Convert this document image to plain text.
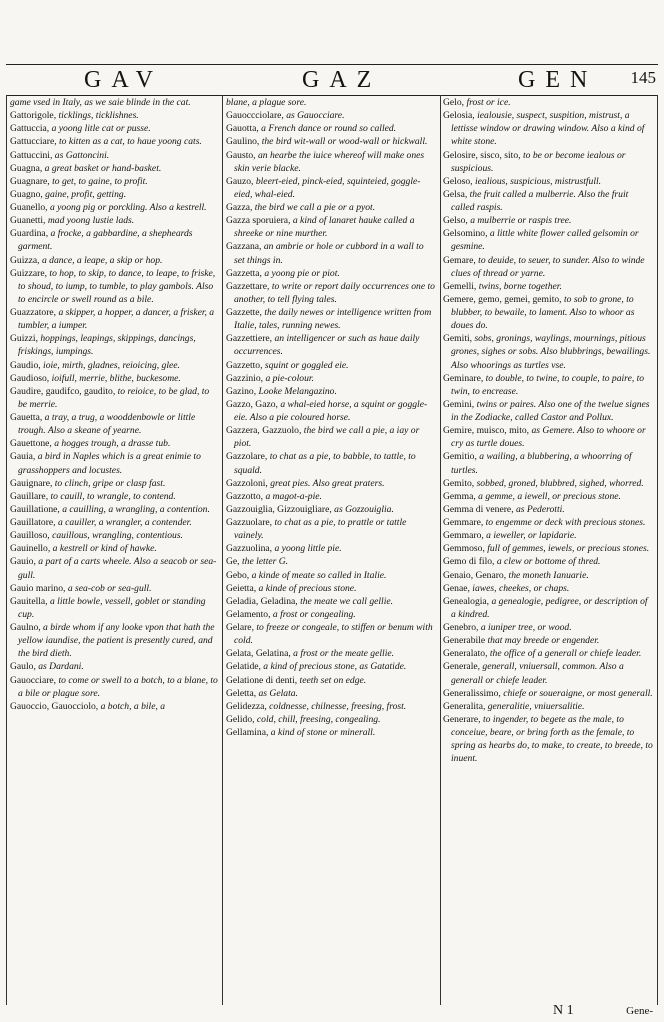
GAV	GAZ	GEN 145
game vsed in Italy, as we saie blinde in the cat.
Gattorigole, ticklings, ticklishnes.
Gattuccia, a yoong litle cat or pusse.
Gattucciare, to kitten as a cat, to haue yoong cats.
Gattuccini, as Gattoncini.
Guagna, a great basket or hand-basket.
Guagnare, to get, to gaine, to profit.
Guagno, gaine, profit, getting.
Guanello, a yoong pig or porckling. Also a kestrell.
Guanetti, mad yoong lustie lads.
Guardina, a frocke, a gabbardine, a shepheards garment.
Guizza, a dance, a leape, a skip or hop.
Guizzare, to hop, to skip, to dance, to leape, to friske, to shoud, to iump, to tumble, to play gambols. Also to encircle or swell round as a bile.
Guazzatore, a skipper, a hopper, a dancer, a frisker, a tumbler, a iumper.
Guizzi, hoppings, leapings, skippings, dancings, friskings, iumpings.
Gaudio, ioie, mirth, gladnes, reioicing, glee.
Gaudioso, ioifull, merrie, blithe, buckesome.
Gaudire, gaudifco, gaudito, to reioice, to be glad, to be merrie.
Gauetta, a tray, a trug, a wooddenbowle or little trough. Also a skeane of yearne.
Gauettone, a hogges trough, a drasse tub.
Gauia, a bird in Naples which is a great enimie to grasshoppers and locustes.
Gauignare, to clinch, gripe or clasp fast.
Gauillare, to cauill, to wrangle, to contend.
Gauillatione, a cauilling, a wrangling, a contention.
Gauillatore, a cauiller, a wrangler, a contender.
Gauilloso, cauillous, wrangling, contentious.
Gauinello, a kestrell or kind of hawke.
Gauio, a part of a carts wheele. Also a seacob or sea-gull.
Gauio marino, a sea-cob or sea-gull.
Gauitella, a little bowle, vessell, goblet or standing cup.
Gaulno, a birde whom if any looke vpon that hath the yellow iaundise, the patient is presently cured, and the bird dieth.
Gaulo, as Dardani.
Gauocciare, to come or swell to a botch, to a blane, to a bile or plague sore.
Gauoccio, Gauocciolo, a botch, a bile, a
blane, a plague sore.
Gauoccciolare, as Gauocciare.
Gauotta, a French dance or round so called.
Gaulino, the bird wit-wall or wood-wall or hickwall.
Gausto, an hearbe the iuice whereof will make ones skin verie blacke.
Gauzo, bleert-eied, pinck-eied, squinteied, goggle-eied, whal-eied.
Gazza, the bird we call a pie or a pyot.
Gazza sporuiera, a kind of lanaret hauke called a shreeke or nine murther.
Gazzana, an ambrie or hole or cubbord in a wall to set things in.
Gazzetta, a yoong pie or piot.
Gazzettare, to write or report daily occurrences one to another, to tell flying tales.
Gazzette, the daily newes or intelligence written from Italie, tales, running newes.
Gazzettiere, an intelligencer or such as haue daily occurrences.
Gazzetto, squint or goggled eie.
Gazzinio, a pie-colour.
Gazino, Looke Melangazino.
Gazzo, Gazo, a whal-eied horse, a squint or goggle-eie. Also a pie coloured horse.
Gazzera, Gazzuolo, the bird we call a pie, a iay or piot.
Gazzolare, to chat as a pie, to babble, to tattle, to squald.
Gazzoloni, great pies. Also great praters.
Gazzotto, a magot-a-pie.
Gazzouiglia, Gizzouigliare, as Gozzouiglia.
Gazzuolare, to chat as a pie, to prattle or tattle vainely.
Gazzuolina, a yoong little pie.
Ge, the letter G.
Gebo, a kinde of meate so called in Italie.
Geietta, a kinde of precious stone.
Geladia, Geladina, the meate we call gellie.
Gelamento, a frost or congealing.
Gelare, to freeze or congeale, to stiffen or benum with cold.
Gelata, Gelatina, a frost or the meate gellie.
Gelatide, a kind of precious stone, as Gatatide.
Gelatione di denti, teeth set on edge.
Geletta, as Gelata.
Gelidezza, coldnesse, chilnesse, freesing, frost.
Gelido, cold, chill, freesing, congealing.
Gellamina, a kind of stone or minerall.
Gelo, frost or ice.
Gelosia, iealousie, suspect, suspition, mistrust, a lettisse window or drawing window. Also a kind of white stone.
Gelosire, sisco, sito, to be or become iealous or suspicious.
Geloso, iealious, suspicious, mistrustfull.
Gelsa, the fruit called a mulberrie. Also the fruit called raspis.
Gelso, a mulberrie or raspis tree.
Gelsomino, a little white flower called gelsomin or gesmine.
Gemare, to deuide, to seuer, to sunder. Also to winde clues of thread or yarne.
Gemelli, twins, borne together.
Gemere, gemo, gemei, gemito, to sob to grone, to blubber, to bewaile, to lament. Also to whoor as doues do.
Gemiti, sobs, gronings, waylings, mournings, pitious grones, sighes or sobs. Also blubbrings, bewailings. Also whoorings as turtles vse.
Geminare, to double, to twine, to couple, to paire, to twin, to encrease.
Gemini, twins or paires. Also one of the twelue signes in the Zodiacke, called Castor and Pollux.
Gemire, muisco, mito, as Gemere. Also to whoore or cry as turtle doues.
Gemitio, a wailing, a blubbering, a whoorring of turtles.
Gemito, sobbed, groned, blubbred, sighed, whorred.
Gemma, a gemme, a iewell, or precious stone.
Gemma di venere, as Pederotti.
Gemmare, to engemme or deck with precious stones.
Gemmaro, a ieweller, or lapidarie.
Gemmoso, full of gemmes, iewels, or precious stones.
Gemo di filo, a clew or bottome of thred.
Genaio, Genaro, the moneth Ianuarie.
Genae, iawes, cheekes, or chaps.
Genealogia, a genealogie, pedigree, or description of a kindred.
Genebro, a iuniper tree, or wood.
Generabile that may breede or engender.
Generalato, the office of a generall or chiefe leader.
Generale, generall, vniuersall, common. Also a generall or chiefe leader.
Generalissimo, chiefe or soueraigne, or most generall.
Generalita, generalitie, vniuersalitie.
Generare, to ingender, to begete as the male, to conceiue, beare, or bring forth as the female, to spring as hearbs do, to make, to create, to breede, to inuent.
N 1	Gene-
